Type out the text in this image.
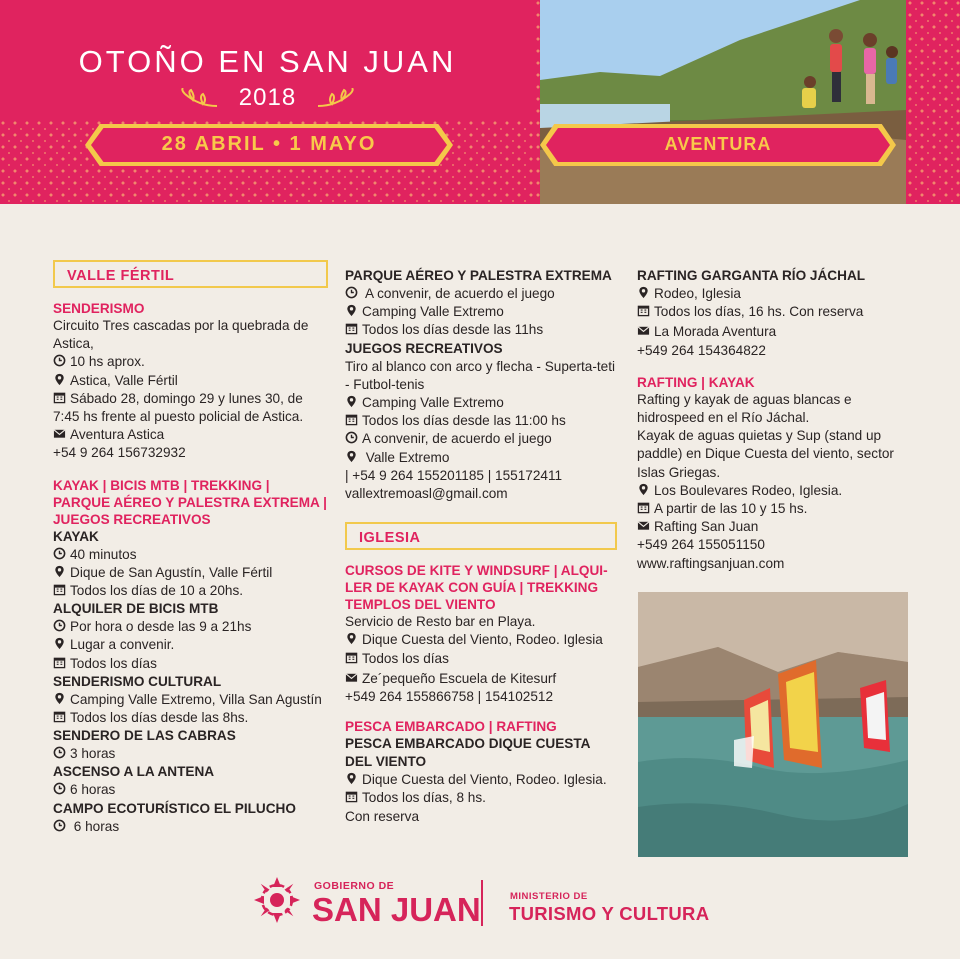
OTOÑO EN SAN JUAN
2018
28 ABRIL • 1 MAYO	AVENTURA
VALLE FÉRTIL
SENDERISMO
Circuito Tres cascadas por la quebrada de Astica,
10 hs aprox.
Astica, Valle Fértil
Sábado 28, domingo 29 y lunes 30, de 7:45 hs frente al puesto policial de Astica.
Aventura Astica
+54 9 264 156732932
KAYAK | BICIS MTB | TREKKING | PARQUE AÉREO Y PALESTRA EXTREMA | JUEGOS RECREATIVOS
KAYAK
40 minutos
Dique de San Agustín, Valle Fértil
Todos los días de 10 a 20hs.
ALQUILER DE BICIS MTB
Por hora o desde las 9 a 21hs
Lugar a convenir.
Todos los días
SENDERISMO CULTURAL
Camping Valle Extremo, Villa San Agustín
Todos los días desde las 8hs.
SENDERO DE LAS CABRAS
3 horas
ASCENSO A LA ANTENA
6 horas
CAMPO ECOTURÍSTICO EL PILUCHO
6 horas
PARQUE AÉREO Y PALESTRA EXTREMA
A convenir, de acuerdo el juego
Camping Valle Extremo
Todos los días desde las 11hs
JUEGOS RECREATIVOS
Tiro al blanco con arco y flecha - Superta-teti - Futbol-tenis
Camping Valle Extremo
Todos los días desde las 11:00 hs
A convenir, de acuerdo el juego
Valle Extremo
| +54 9 264 155201185 | 155172411
vallextremoasl@gmail.com
IGLESIA
CURSOS DE KITE Y WINDSURF | ALQUI-LER DE KAYAK CON GUÍA | TREKKING TEMPLOS DEL VIENTO
Servicio de Resto bar en Playa.
Dique Cuesta del Viento, Rodeo. Iglesia
Todos los días
Ze´pequeño Escuela de Kitesurf
+549 264 155866758 | 154102512
PESCA EMBARCADO | RAFTING
PESCA EMBARCADO DIQUE CUESTA DEL VIENTO
Dique Cuesta del Viento, Rodeo. Iglesia.
Todos los días, 8 hs.
Con reserva
RAFTING GARGANTA RÍO JÁCHAL
Rodeo, Iglesia
Todos los días, 16 hs. Con reserva
La Morada Aventura
+549 264 154364822
RAFTING | KAYAK
Rafting y kayak de aguas blancas e hidrospeed en el Río Jáchal.
Kayak de aguas quietas y Sup (stand up paddle) en Dique Cuesta del viento, sector Islas Griegas.
Los Boulevares Rodeo, Iglesia.
A partir de las 10 y 15 hs.
Rafting San Juan
+549 264 155051150
www.raftingsanjuan.com
GOBIERNO DE
SAN JUAN	MINISTERIO DE
TURISMO Y CULTURA
